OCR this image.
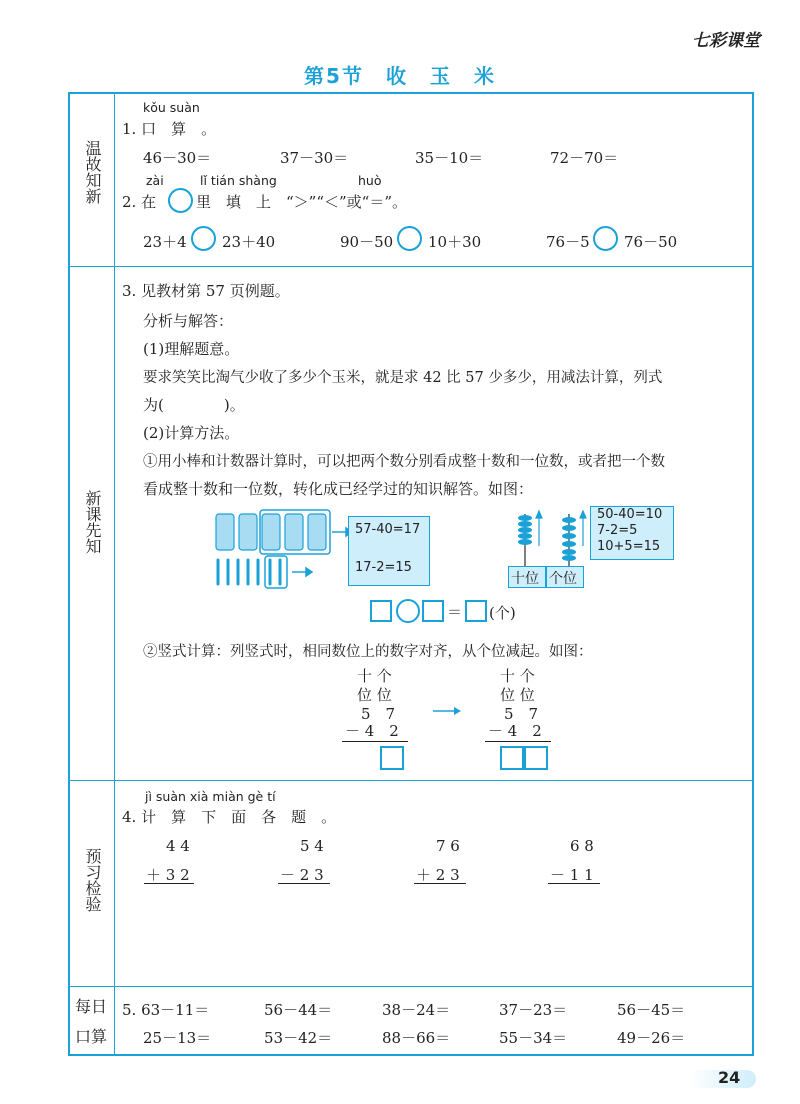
七彩课堂
第5节　收　玉　米
温故知新
新课先知
预习检验
每日
口算
kǒu suàn
1. 口　算　。
46－30＝	37－30＝	35－10＝	72－70＝
zài	lǐ tián shàng	huò
2. 在	里　填　上　“＞”“＜”或“＝”。
23＋4 23＋40	90－50 10＋30	76－5 76－50
3. 见教材第 57 页例题。
分析与解答：
(1)理解题意。
要求笑笑比淘气少收了多少个玉米，就是求 42 比 57 少多少，用减法计算，列式
为(　　　　)。
(2)计算方法。
①用小棒和计数器计算时，可以把两个数分别看成整十数和一位数，或者把一个数
看成整十数和一位数，转化成已经学过的知识解答。如图：
57-40=17
17-2=15
十位 个位
50-40=10
7-2=5
10+5=15
＝ (个)
②竖式计算：列竖式时，相同数位上的数字对齐，从个位减起。如图：
十 个
位 位
5　7
－ 4　2
十 个
位 位
5　7
－ 4　2
jì suàn xià miàn gè tí
4. 计　算　下　面　各　题　。
4 4
＋ 3 2
5 4
－ 2 3
7 6
＋ 2 3
6 8
－ 1 1
5. 63－11＝	56－44＝	38－24＝	37－23＝	56－45＝
25－13＝	53－42＝	88－66＝	55－34＝	49－26＝
24
